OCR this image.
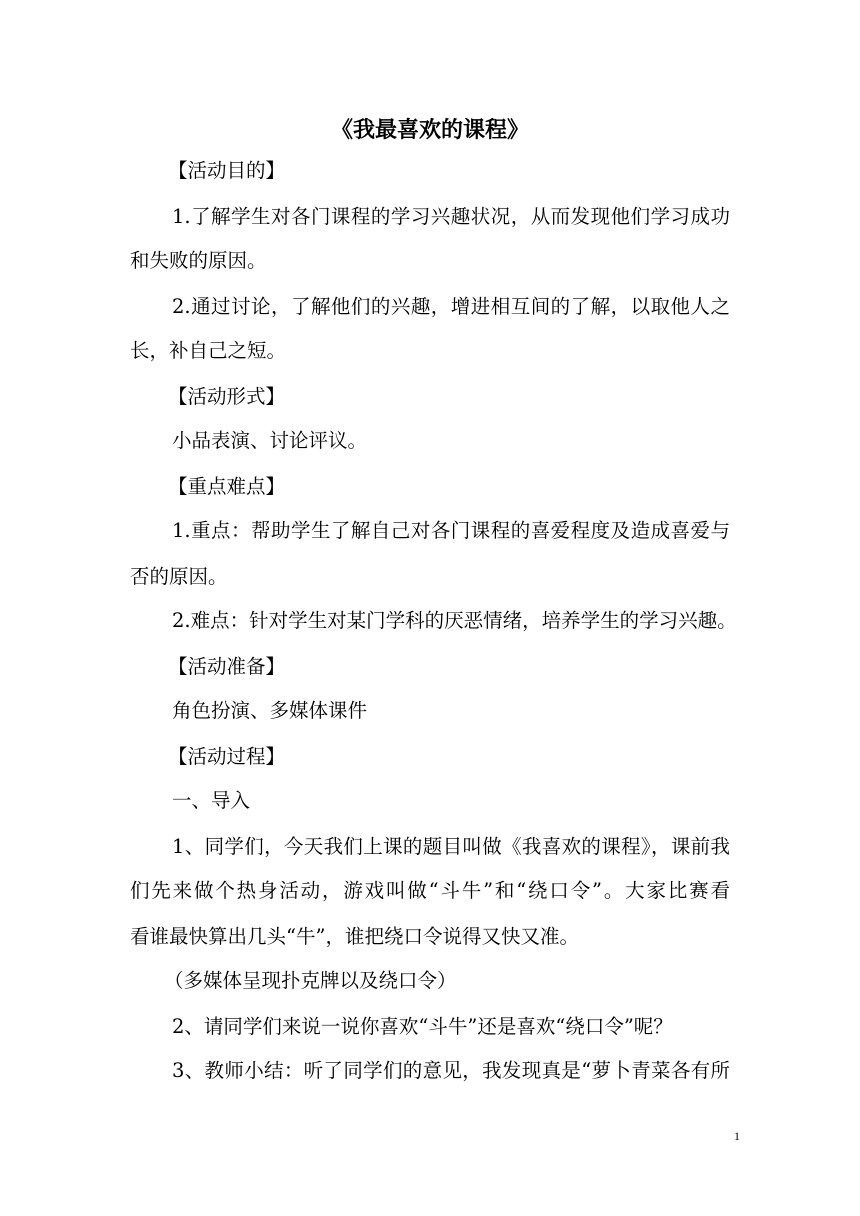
《我最喜欢的课程》
【活动目的】
1.了解学生对各门课程的学习兴趣状况，从而发现他们学习成功
和失败的原因。
2.通过讨论，了解他们的兴趣，增进相互间的了解，以取他人之
长，补自己之短。
【活动形式】
小品表演、讨论评议。
【重点难点】
1.重点：帮助学生了解自己对各门课程的喜爱程度及造成喜爱与
否的原因。
2.难点：针对学生对某门学科的厌恶情绪，培养学生的学习兴趣。
【活动准备】
角色扮演、多媒体课件
【活动过程】
一、导入
1、同学们，今天我们上课的题目叫做《我喜欢的课程》，课前我
们先来做个热身活动，游戏叫做“斗牛”和“绕口令”。大家比赛看
看谁最快算出几头“牛”，谁把绕口令说得又快又准。
（多媒体呈现扑克牌以及绕口令）
2、请同学们来说一说你喜欢“斗牛”还是喜欢“绕口令”呢？
3、教师小结：听了同学们的意见，我发现真是“萝卜青菜各有所
1
